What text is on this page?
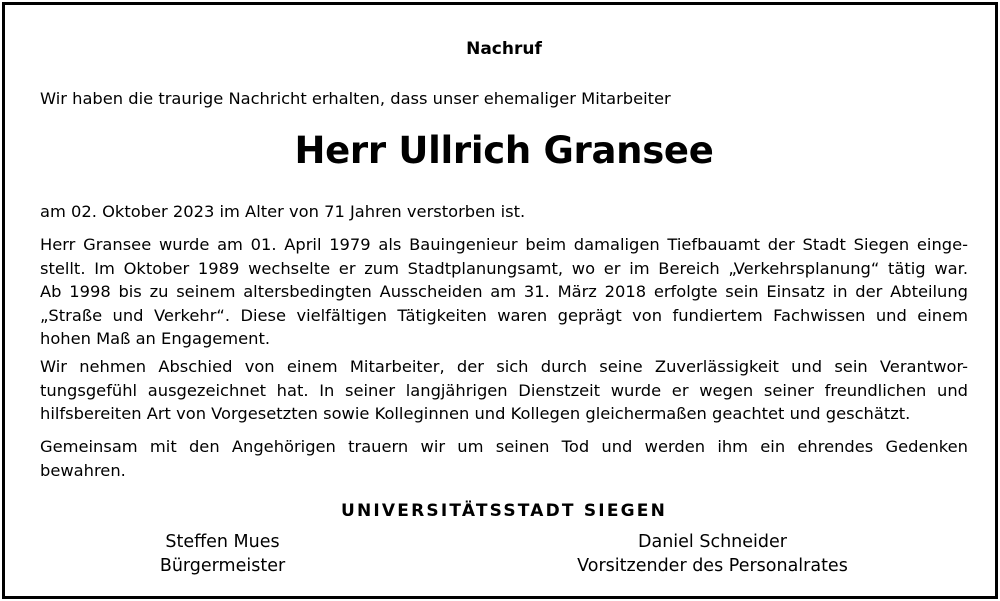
Nachruf
Wir haben die traurige Nachricht erhalten, dass unser ehemaliger Mitarbeiter
Herr Ullrich Gransee
am 02. Oktober 2023 im Alter von 71 Jahren verstorben ist.
Herr Gransee wurde am 01. April 1979 als Bauingenieur beim damaligen Tiefbauamt der Stadt Siegen einge-
stellt. Im Oktober 1989 wechselte er zum Stadtplanungsamt, wo er im Bereich „Verkehrsplanung“ tätig war.
Ab 1998 bis zu seinem altersbedingten Ausscheiden am 31. März 2018 erfolgte sein Einsatz in der Abteilung
„Straße und Verkehr“. Diese vielfältigen Tätigkeiten waren geprägt von fundiertem Fachwissen und einem
hohen Maß an Engagement.
Wir nehmen Abschied von einem Mitarbeiter, der sich durch seine Zuverlässigkeit und sein Verantwor-
tungsgefühl ausgezeichnet hat. In seiner langjährigen Dienstzeit wurde er wegen seiner freundlichen und
hilfsbereiten Art von Vorgesetzten sowie Kolleginnen und Kollegen gleichermaßen geachtet und geschätzt.
Gemeinsam mit den Angehörigen trauern wir um seinen Tod und werden ihm ein ehrendes Gedenken
bewahren.
UNIVERSITÄTSSTADT SIEGEN
Steffen Mues
Bürgermeister
Daniel Schneider
Vorsitzender des Personalrates
